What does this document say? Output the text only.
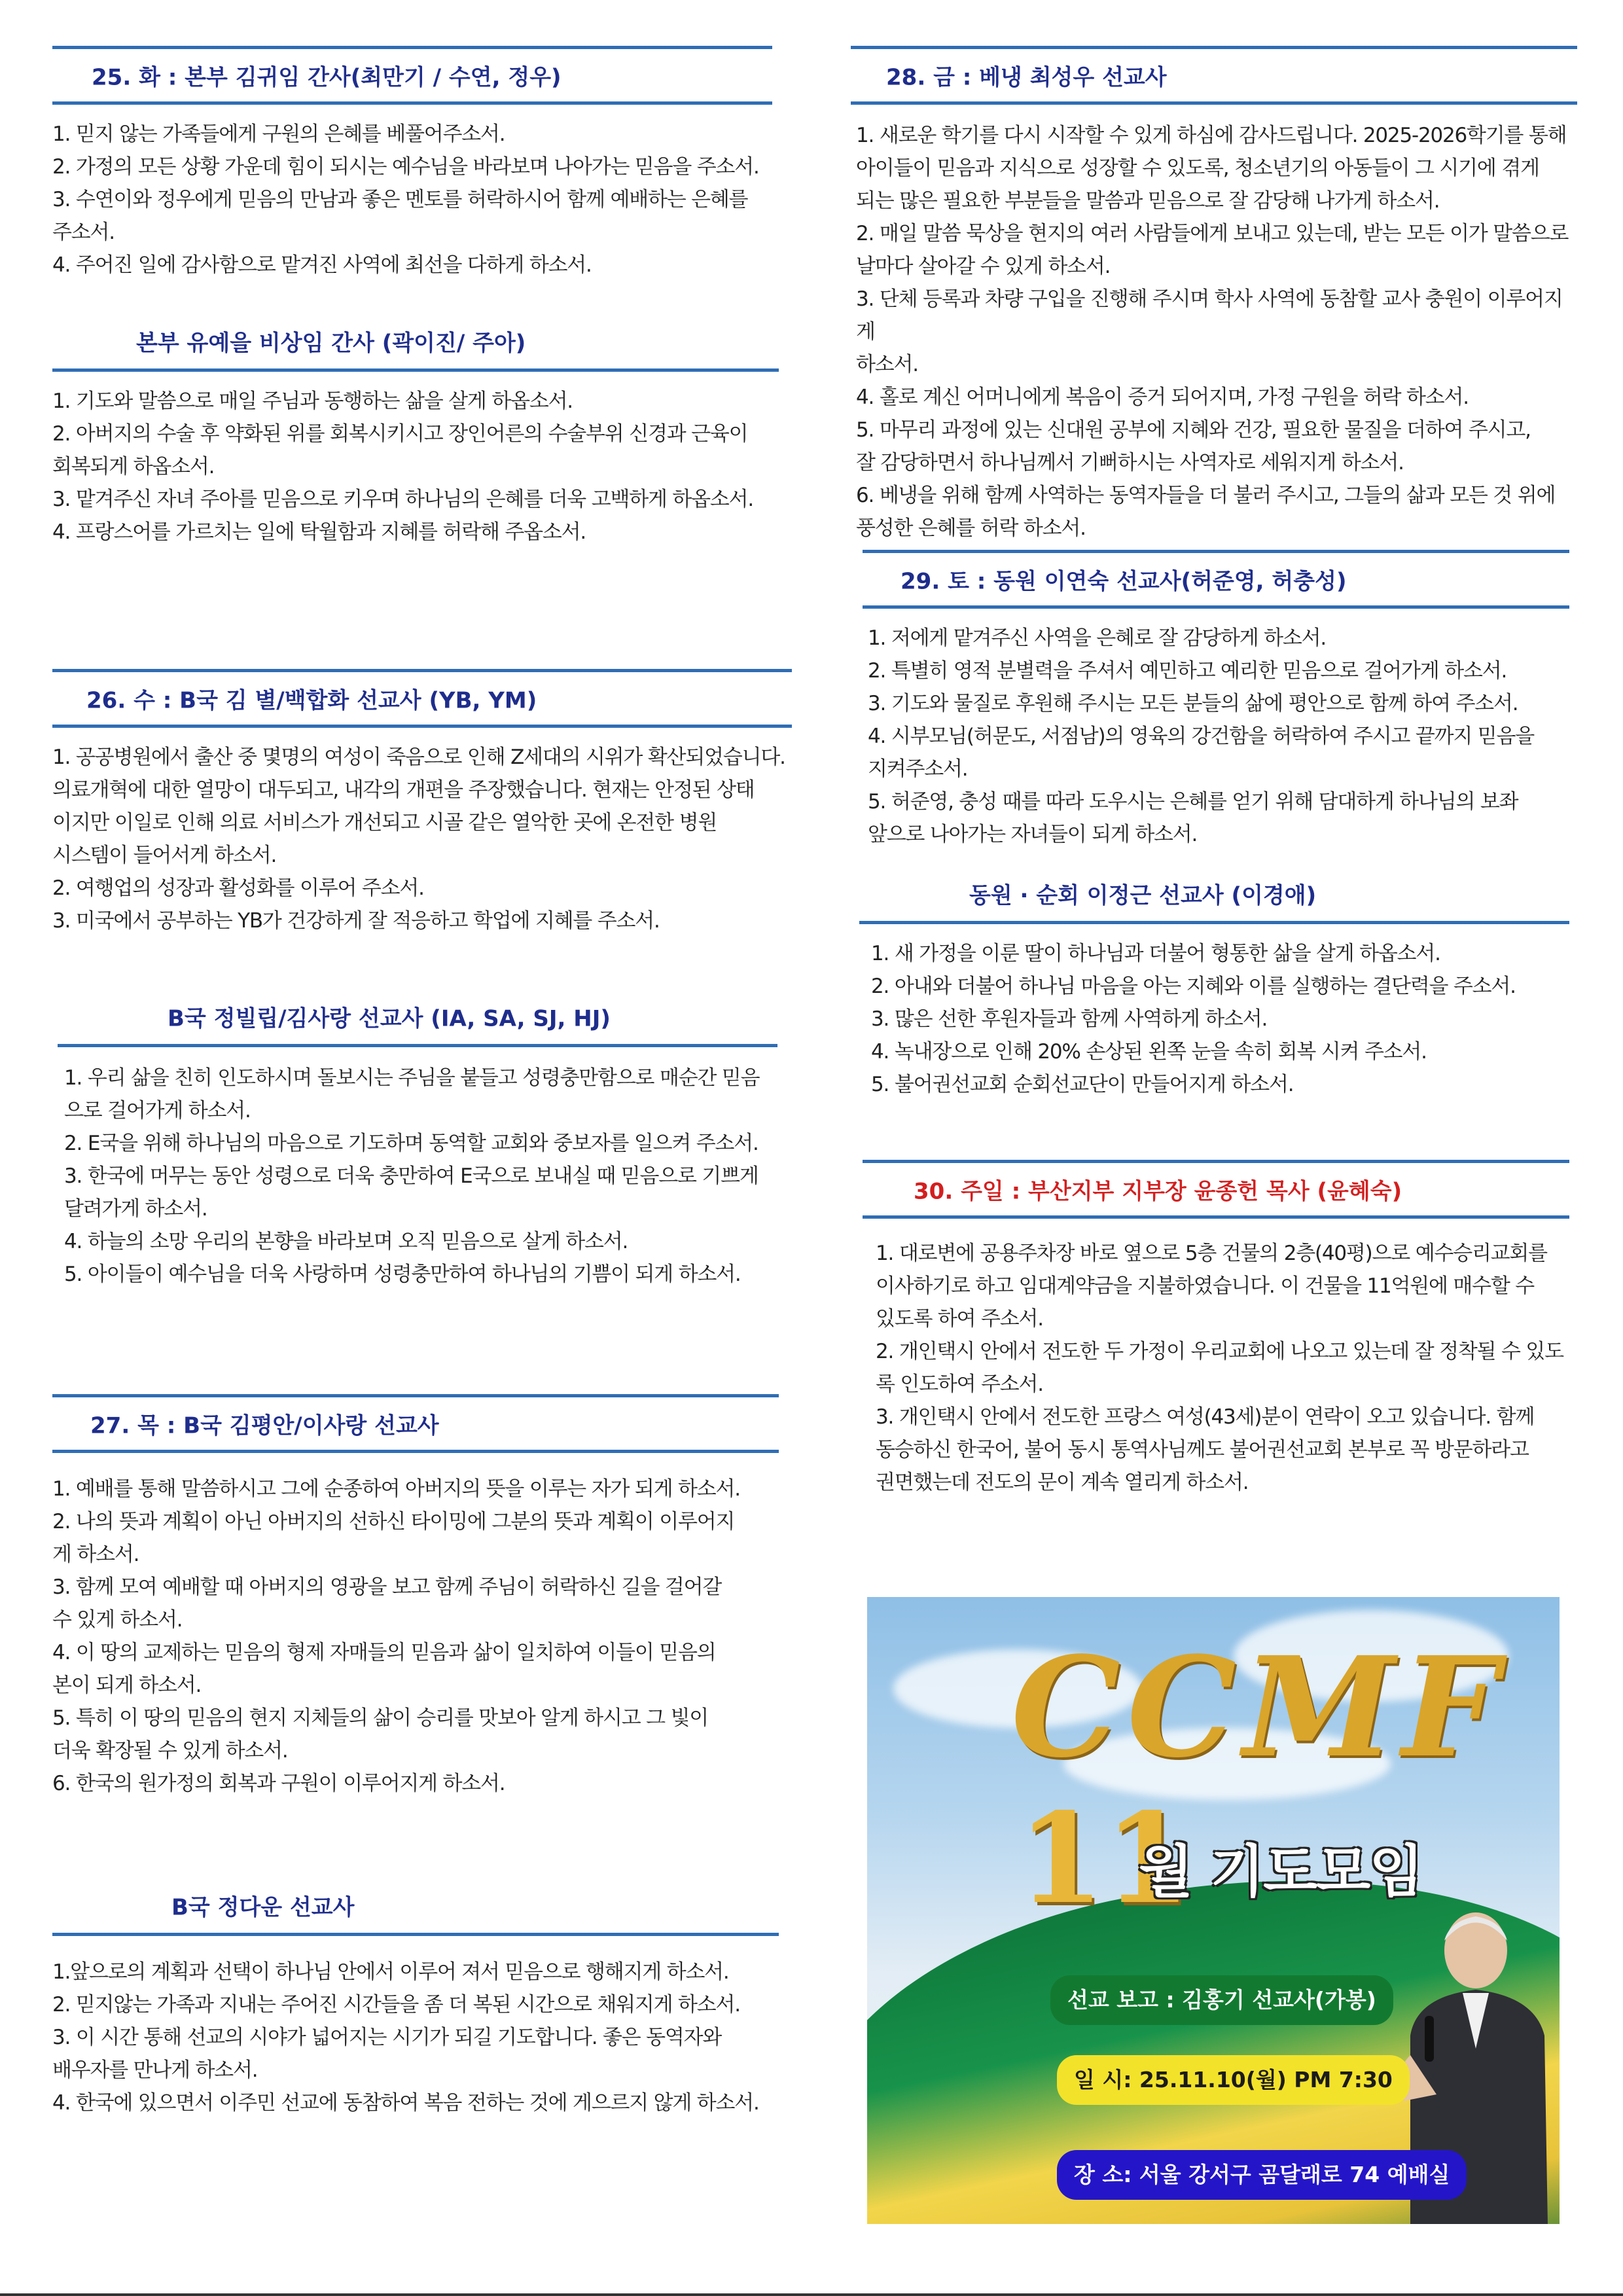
25. 화 : 본부 김귀임 간사(최만기 / 수연, 정우)
1. 믿지 않는 가족들에게 구원의 은혜를 베풀어주소서.
2. 가정의 모든 상황 가운데 힘이 되시는 예수님을 바라보며 나아가는 믿음을 주소서.
3. 수연이와 정우에게 믿음의 만남과 좋은 멘토를 허락하시어 함께 예배하는 은혜를
주소서.
4. 주어진 일에 감사함으로 맡겨진 사역에 최선을 다하게 하소서.
본부 유예을 비상임 간사 (곽이진/ 주아)
1. 기도와 말씀으로 매일 주님과 동행하는 삶을 살게 하옵소서.
2. 아버지의 수술 후 약화된 위를 회복시키시고 장인어른의 수술부위 신경과 근육이
회복되게 하옵소서.
3. 맡겨주신 자녀 주아를 믿음으로 키우며 하나님의 은혜를 더욱 고백하게 하옵소서.
4. 프랑스어를 가르치는 일에 탁월함과 지혜를 허락해 주옵소서.
26. 수 : B국 김 별/백합화 선교사 (YB, YM)
1. 공공병원에서 출산 중 몇명의 여성이 죽음으로 인해 Z세대의 시위가 확산되었습니다.
의료개혁에 대한 열망이 대두되고, 내각의 개편을 주장했습니다. 현재는 안정된 상태
이지만 이일로 인해 의료 서비스가 개선되고 시골 같은 열악한 곳에 온전한 병원
시스템이 들어서게 하소서.
2. 여행업의 성장과 활성화를 이루어 주소서.
3. 미국에서 공부하는 YB가 건강하게 잘 적응하고 학업에 지혜를 주소서.
B국 정빌립/김사랑 선교사 (IA, SA, SJ, HJ)
1. 우리 삶을 친히 인도하시며 돌보시는 주님을 붙들고 성령충만함으로 매순간 믿음
으로 걸어가게 하소서.
2. E국을 위해 하나님의 마음으로 기도하며 동역할 교회와 중보자를 일으켜 주소서.
3. 한국에 머무는 동안 성령으로 더욱 충만하여 E국으로 보내실 때 믿음으로 기쁘게
달려가게 하소서.
4. 하늘의 소망 우리의 본향을 바라보며 오직 믿음으로 살게 하소서.
5. 아이들이 예수님을 더욱 사랑하며 성령충만하여 하나님의 기쁨이 되게 하소서.
27. 목 : B국 김평안/이사랑 선교사
1. 예배를 통해 말씀하시고 그에 순종하여 아버지의 뜻을 이루는 자가 되게 하소서.
2. 나의 뜻과 계획이 아닌 아버지의 선하신 타이밍에 그분의 뜻과 계획이 이루어지
게 하소서.
3. 함께 모여 예배할 때 아버지의 영광을 보고 함께 주님이 허락하신 길을 걸어갈
수 있게 하소서.
4. 이 땅의 교제하는 믿음의 형제 자매들의 믿음과 삶이 일치하여 이들이 믿음의
본이 되게 하소서.
5. 특히 이 땅의 믿음의 현지 지체들의 삶이 승리를 맛보아 알게 하시고 그 빛이
더욱 확장될 수 있게 하소서.
6. 한국의 원가정의 회복과 구원이 이루어지게 하소서.
B국 정다운 선교사
1.앞으로의 계획과 선택이 하나님 안에서 이루어 져서 믿음으로 행해지게 하소서.
2. 믿지않는 가족과 지내는 주어진 시간들을 좀 더 복된 시간으로 채워지게 하소서.
3. 이 시간 통해 선교의 시야가 넓어지는 시기가 되길 기도합니다. 좋은 동역자와
배우자를 만나게 하소서.
4. 한국에 있으면서 이주민 선교에 동참하여 복음 전하는 것에 게으르지 않게 하소서.
28. 금 : 베냉 최성우 선교사
1. 새로운 학기를 다시 시작할 수 있게 하심에 감사드립니다. 2025-2026학기를 통해
아이들이 믿음과 지식으로 성장할 수 있도록, 청소년기의 아동들이 그 시기에 겪게
되는 많은 필요한 부분들을 말씀과 믿음으로 잘 감당해 나가게 하소서.
2. 매일 말씀 묵상을 현지의 여러 사람들에게 보내고 있는데, 받는 모든 이가 말씀으로
날마다 살아갈 수 있게 하소서.
3. 단체 등록과 차량 구입을 진행해 주시며 학사 사역에 동참할 교사 충원이 이루어지게
하소서.
4. 홀로 계신 어머니에게 복음이 증거 되어지며, 가정 구원을 허락 하소서.
5. 마무리 과정에 있는 신대원 공부에 지혜와 건강, 필요한 물질을 더하여 주시고,
잘 감당하면서 하나님께서 기뻐하시는 사역자로 세워지게 하소서.
6. 베냉을 위해 함께 사역하는 동역자들을 더 불러 주시고, 그들의 삶과 모든 것 위에
풍성한 은혜를 허락 하소서.
29. 토 : 동원 이연숙 선교사(허준영, 허충성)
1. 저에게 맡겨주신 사역을 은혜로 잘 감당하게 하소서.
2. 특별히 영적 분별력을 주셔서 예민하고 예리한 믿음으로 걸어가게 하소서.
3. 기도와 물질로 후원해 주시는 모든 분들의 삶에 평안으로 함께 하여 주소서.
4. 시부모님(허문도, 서점남)의 영육의 강건함을 허락하여 주시고 끝까지 믿음을
지켜주소서.
5. 허준영, 충성 때를 따라 도우시는 은혜를 얻기 위해 담대하게 하나님의 보좌
앞으로 나아가는 자녀들이 되게 하소서.
동원 · 순회 이정근 선교사 (이경애)
1. 새 가정을 이룬 딸이 하나님과 더불어 형통한 삶을 살게 하옵소서.
2. 아내와 더불어 하나님 마음을 아는 지혜와 이를 실행하는 결단력을 주소서.
3. 많은 선한 후원자들과 함께 사역하게 하소서.
4. 녹내장으로 인해 20% 손상된 왼쪽 눈을 속히 회복 시켜 주소서.
5. 불어권선교회 순회선교단이 만들어지게 하소서.
30. 주일 : 부산지부 지부장 윤종헌 목사 (윤혜숙)
1. 대로변에 공용주차장 바로 옆으로 5층 건물의 2층(40평)으로 예수승리교회를
이사하기로 하고 임대계약금을 지불하였습니다. 이 건물을 11억원에 매수할 수
있도록 하여 주소서.
2. 개인택시 안에서 전도한 두 가정이 우리교회에 나오고 있는데 잘 정착될 수 있도
록 인도하여 주소서.
3. 개인택시 안에서 전도한 프랑스 여성(43세)분이 연락이 오고 있습니다. 함께
동승하신 한국어, 불어 동시 통역사님께도 불어권선교회 본부로 꼭 방문하라고
권면했는데 전도의 문이 계속 열리게 하소서.
CCMF
11
월 기도모임
선교 보고 : 김홍기 선교사(가봉)
일 시: 25.11.10(월) PM 7:30
장 소: 서울 강서구 곰달래로 74 예배실
